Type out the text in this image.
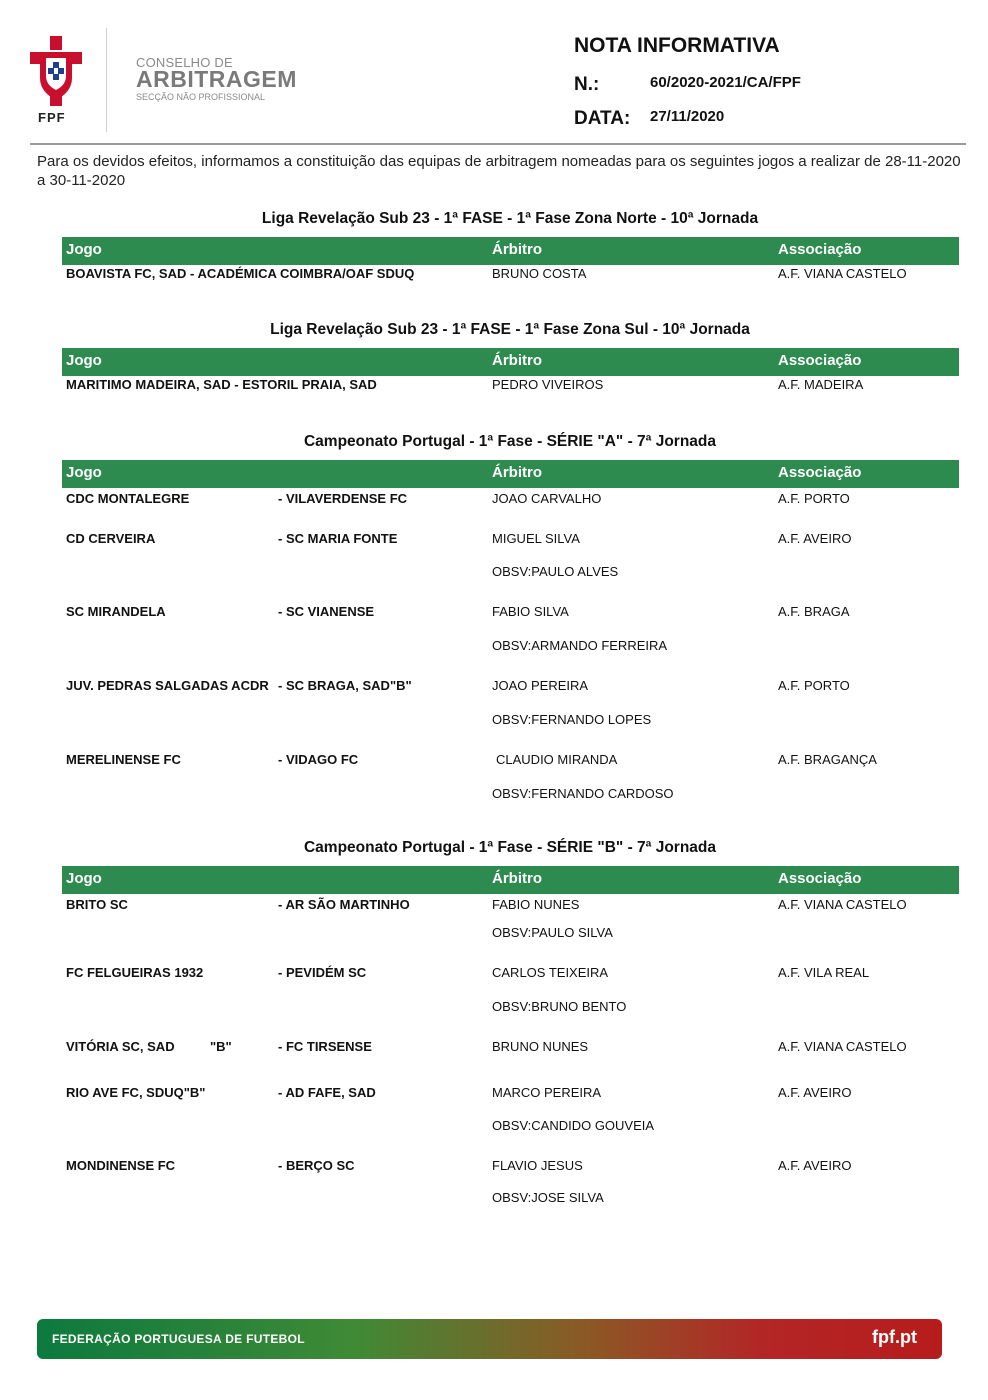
FPF
CONSELHO DE
ARBITRAGEM
SECÇÃO NÃO PROFISSIONAL
NOTA INFORMATIVA
N.:	60/2020-2021/CA/FPF
DATA: 27/11/2020
Para os devidos efeitos, informamos a constituição das equipas de arbitragem nomeadas para os seguintes jogos a realizar de 28-11-2020 a 30-11-2020
Liga Revelação Sub 23 - 1ª FASE - 1ª Fase Zona Norte - 10ª Jornada
Jogo	Árbitro	Associação
BOAVISTA FC, SAD - ACADÉMICA COIMBRA/OAF SDUQ	BRUNO COSTA	A.F. VIANA CASTELO
Liga Revelação Sub 23 - 1ª FASE - 1ª Fase Zona Sul - 10ª Jornada
Jogo	Árbitro	Associação
MARITIMO MADEIRA, SAD - ESTORIL PRAIA, SAD	PEDRO VIVEIROS	A.F. MADEIRA
Campeonato Portugal - 1ª Fase - SÉRIE "A" - 7ª Jornada
Jogo	Árbitro	Associação
CDC MONTALEGRE	- VILAVERDENSE FC	JOAO CARVALHO	A.F. PORTO
CD CERVEIRA	- SC MARIA FONTE	MIGUEL SILVA	A.F. AVEIRO
OBSV:PAULO ALVES
SC MIRANDELA	- SC VIANENSE	FABIO SILVA	A.F. BRAGA
OBSV:ARMANDO FERREIRA
JUV. PEDRAS SALGADAS ACDR - SC BRAGA, SAD"B"	JOAO PEREIRA	A.F. PORTO
OBSV:FERNANDO LOPES
MERELINENSE FC	- VIDAGO FC	CLAUDIO MIRANDA	A.F. BRAGANÇA
OBSV:FERNANDO CARDOSO
Campeonato Portugal - 1ª Fase - SÉRIE "B" - 7ª Jornada
Jogo	Árbitro	Associação
BRITO SC	- AR SÃO MARTINHO	FABIO NUNES	A.F. VIANA CASTELO
OBSV:PAULO SILVA
FC FELGUEIRAS 1932	- PEVIDÉM SC	CARLOS TEIXEIRA	A.F. VILA REAL
OBSV:BRUNO BENTO
VITÓRIA SC, SAD	"B"	- FC TIRSENSE	BRUNO NUNES	A.F. VIANA CASTELO
RIO AVE FC, SDUQ"B"	- AD FAFE, SAD	MARCO PEREIRA	A.F. AVEIRO
OBSV:CANDIDO GOUVEIA
MONDINENSE FC	- BERÇO SC	FLAVIO JESUS	A.F. AVEIRO
OBSV:JOSE SILVA
FEDERAÇÃO PORTUGUESA DE FUTEBOL	fpf.pt
